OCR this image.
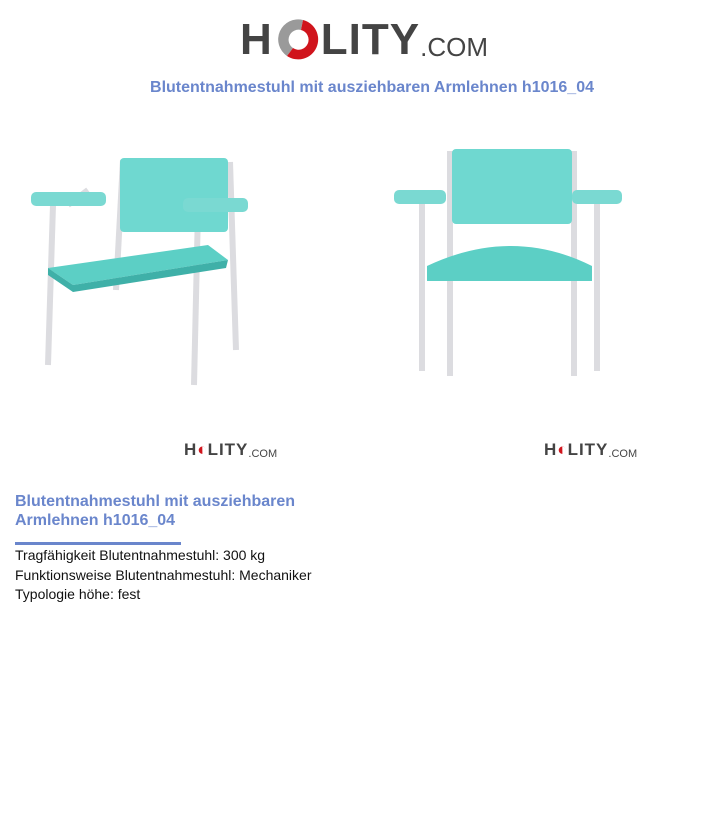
H LITY .COM
Blutentnahmestuhl mit ausziehbaren Armlehnen h1016_04
H ◐ LITY .COM	H ◐ LITY .COM
Blutentnahmestuhl mit ausziehbaren Armlehnen h1016_04
Tragfähigkeit Blutentnahmestuhl: 300 kg
Funktionsweise Blutentnahmestuhl: Mechaniker
Typologie höhe: fest
